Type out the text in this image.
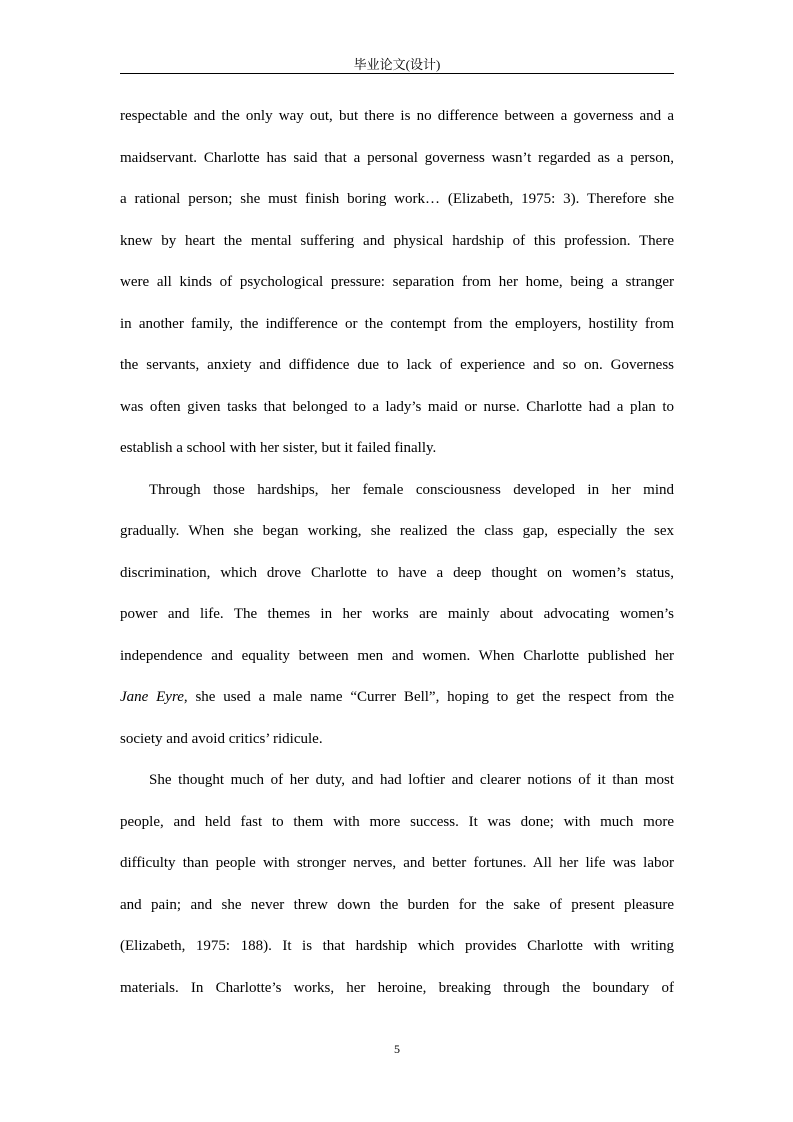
毕业论文(设计)
respectable and the only way out, but there is no difference between a governess and a
maidservant. Charlotte has said that a personal governess wasn’t regarded as a person,
a rational person; she must finish boring work… (Elizabeth, 1975: 3). Therefore she
knew by heart the mental suffering and physical hardship of this profession. There
were all kinds of psychological pressure: separation from her home, being a stranger
in another family, the indifference or the contempt from the employers, hostility from
the servants, anxiety and diffidence due to lack of experience and so on. Governess
was often given tasks that belonged to a lady’s maid or nurse. Charlotte had a plan to
establish a school with her sister, but it failed finally.
Through those hardships, her female consciousness developed in her mind
gradually. When she began working, she realized the class gap, especially the sex
discrimination, which drove Charlotte to have a deep thought on women’s status,
power and life. The themes in her works are mainly about advocating women’s
independence and equality between men and women. When Charlotte published her
Jane Eyre, she used a male name “Currer Bell”, hoping to get the respect from the
society and avoid critics’ ridicule.
She thought much of her duty, and had loftier and clearer notions of it than most
people, and held fast to them with more success. It was done; with much more
difficulty than people with stronger nerves, and better fortunes. All her life was labor
and pain; and she never threw down the burden for the sake of present pleasure
(Elizabeth, 1975: 188). It is that hardship which provides Charlotte with writing
materials. In Charlotte’s works, her heroine, breaking through the boundary of
5
